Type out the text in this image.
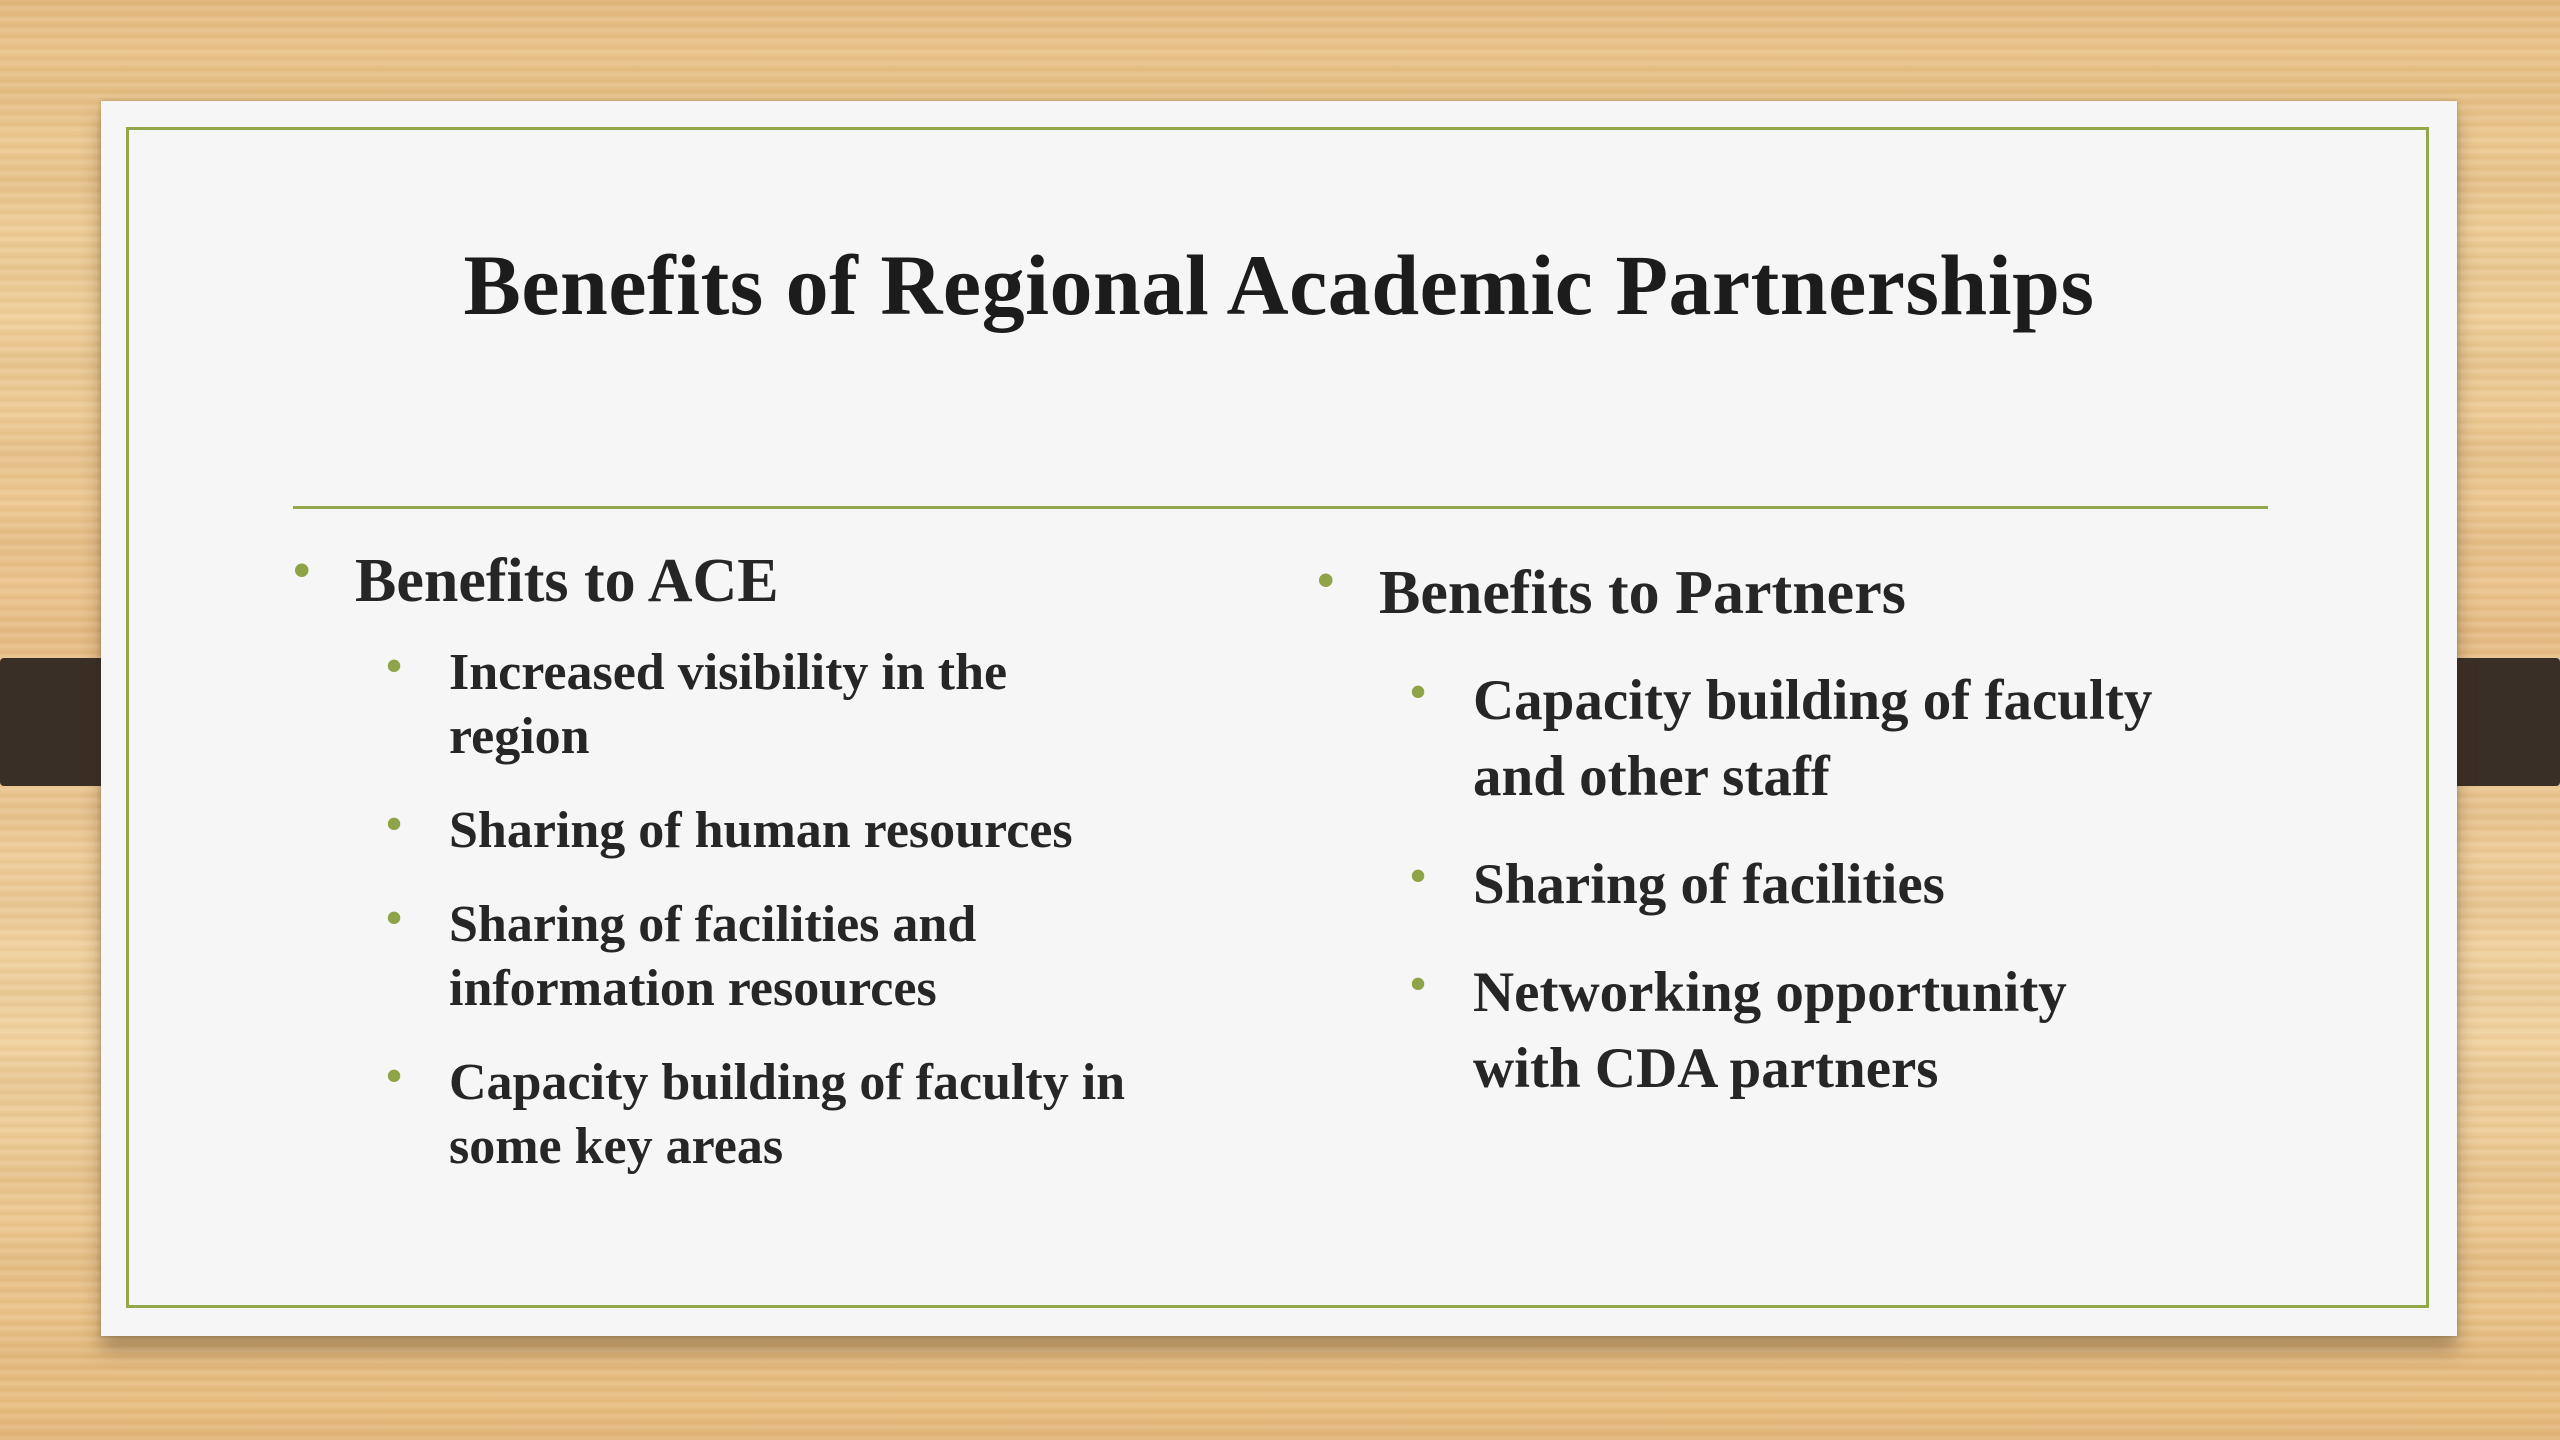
Benefits of Regional Academic Partnerships
• Benefits to ACE
• Increased visibility in the
region
• Sharing of human resources
• Sharing of facilities and
information resources
• Capacity building of faculty in
some key areas
• Benefits to Partners
• Capacity building of faculty
and other staff
• Sharing of facilities
• Networking opportunity
with CDA partners
